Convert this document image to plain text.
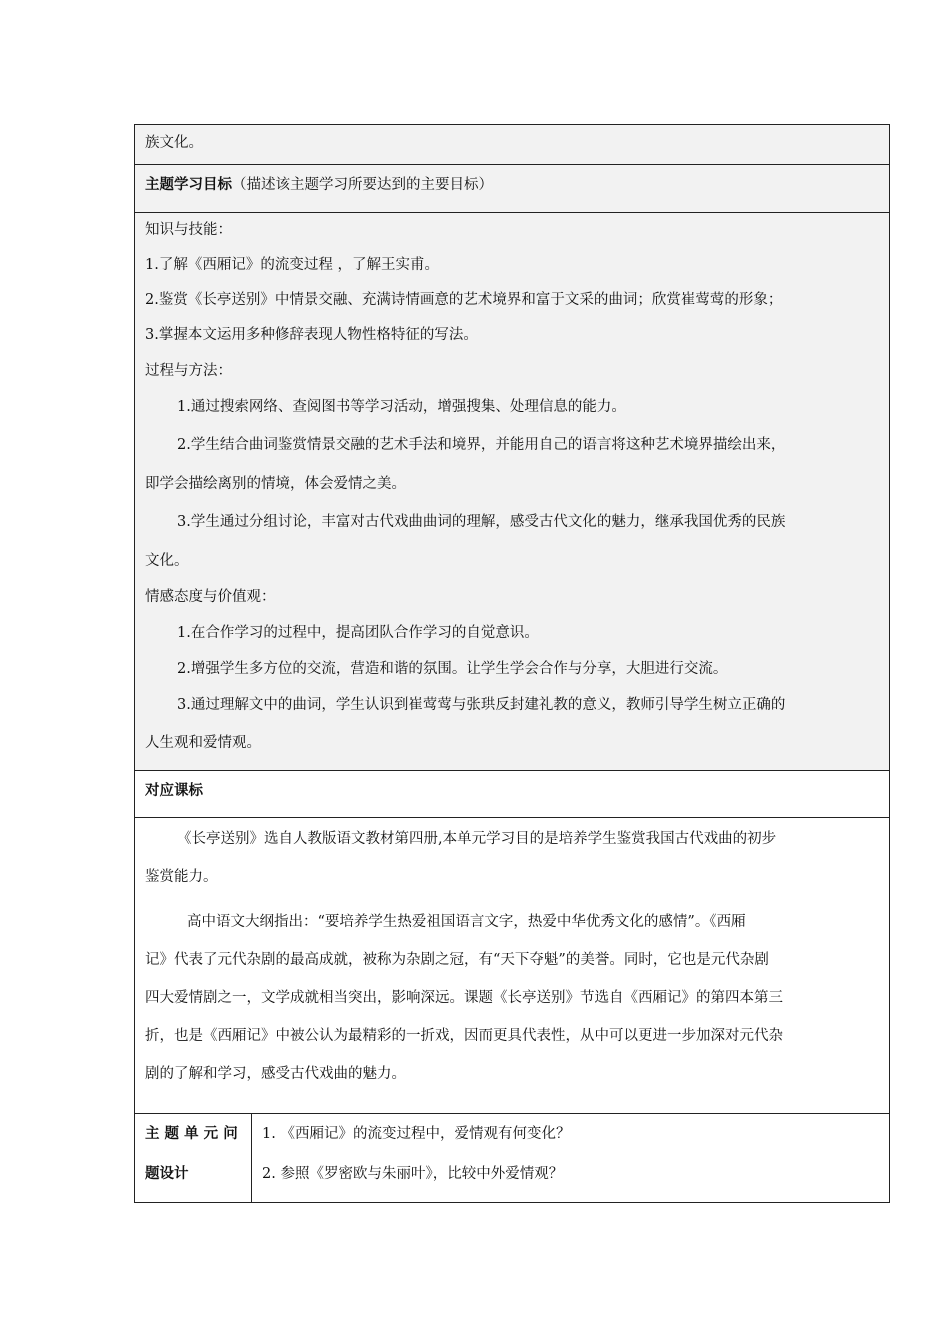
族文化。
主题学习目标（描述该主题学习所要达到的主要目标）
知识与技能：
1.了解《西厢记》的流变过程 ，了解王实甫。
2.鉴赏《长亭送别》中情景交融、充满诗情画意的艺术境界和富于文采的曲词；欣赏崔莺莺的形象；
3.掌握本文运用多种修辞表现人物性格特征的写法。
过程与方法：
1.通过搜索网络、查阅图书等学习活动，增强搜集、处理信息的能力。
2.学生结合曲词鉴赏情景交融的艺术手法和境界，并能用自己的语言将这种艺术境界描绘出来，
即学会描绘离别的情境，体会爱情之美。
3.学生通过分组讨论，丰富对古代戏曲曲词的理解，感受古代文化的魅力，继承我国优秀的民族
文化。
情感态度与价值观：
1.在合作学习的过程中，提高团队合作学习的自觉意识。
2.增强学生多方位的交流，营造和谐的氛围。让学生学会合作与分享，大胆进行交流。
3.通过理解文中的曲词，学生认识到崔莺莺与张珙反封建礼教的意义，教师引导学生树立正确的
人生观和爱情观。
对应课标
《长亭送别》选自人教版语文教材第四册,本单元学习目的是培养学生鉴赏我国古代戏曲的初步
鉴赏能力。
高中语文大纲指出：“要培养学生热爱祖国语言文字，热爱中华优秀文化的感情”。《西厢
记》代表了元代杂剧的最高成就，被称为杂剧之冠，有“天下夺魁”的美誉。同时，它也是元代杂剧
四大爱情剧之一，文学成就相当突出，影响深远。课题《长亭送别》节选自《西厢记》的第四本第三
折，也是《西厢记》中被公认为最精彩的一折戏，因而更具代表性，从中可以更进一步加深对元代杂
剧的了解和学习，感受古代戏曲的魅力。
主 题 单 元 问
题设计
1. 《西厢记》的流变过程中，爱情观有何变化？
2. 参照《罗密欧与朱丽叶》，比较中外爱情观？
